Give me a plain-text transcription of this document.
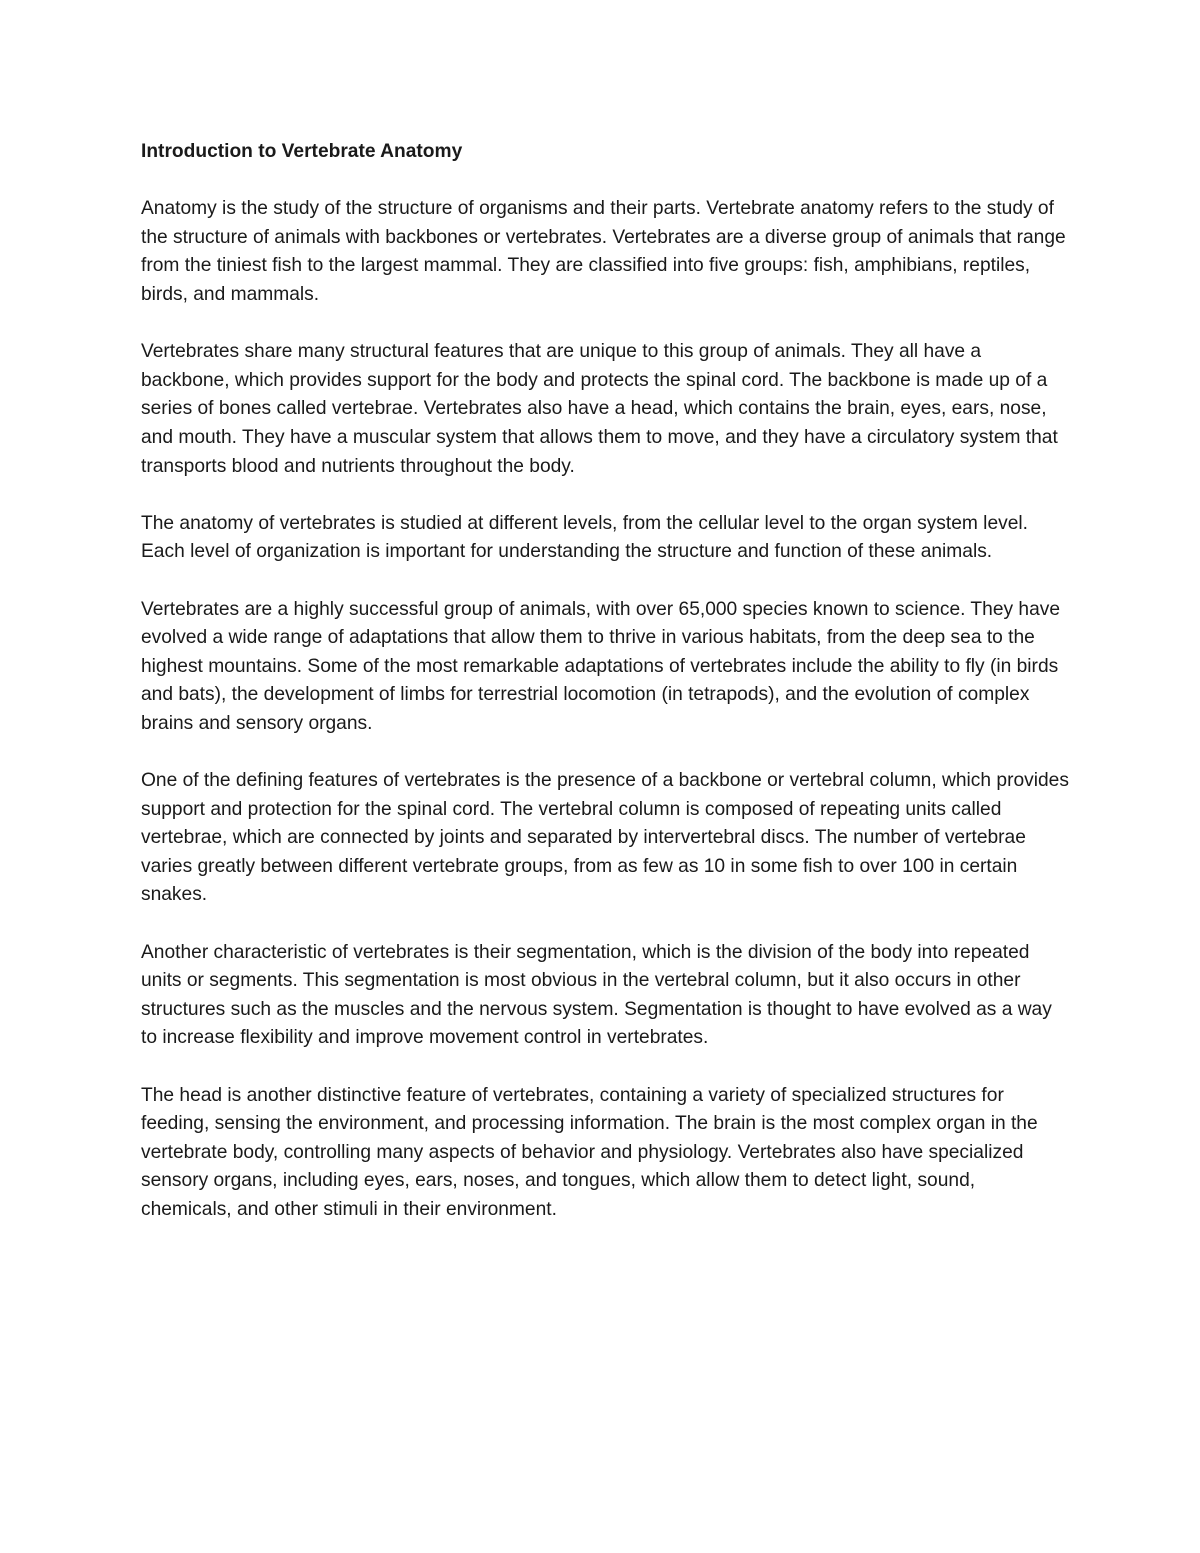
Introduction to Vertebrate Anatomy

Anatomy is the study of the structure of organisms and their parts. Vertebrate anatomy refers to the study of the structure of animals with backbones or vertebrates. Vertebrates are a diverse group of animals that range from the tiniest fish to the largest mammal. They are classified into five groups: fish, amphibians, reptiles, birds, and mammals.

Vertebrates share many structural features that are unique to this group of animals. They all have a backbone, which provides support for the body and protects the spinal cord. The backbone is made up of a series of bones called vertebrae. Vertebrates also have a head, which contains the brain, eyes, ears, nose, and mouth. They have a muscular system that allows them to move, and they have a circulatory system that transports blood and nutrients throughout the body.

The anatomy of vertebrates is studied at different levels, from the cellular level to the organ system level. Each level of organization is important for understanding the structure and function of these animals.

Vertebrates are a highly successful group of animals, with over 65,000 species known to science. They have evolved a wide range of adaptations that allow them to thrive in various habitats, from the deep sea to the highest mountains. Some of the most remarkable adaptations of vertebrates include the ability to fly (in birds and bats), the development of limbs for terrestrial locomotion (in tetrapods), and the evolution of complex brains and sensory organs.

One of the defining features of vertebrates is the presence of a backbone or vertebral column, which provides support and protection for the spinal cord. The vertebral column is composed of repeating units called vertebrae, which are connected by joints and separated by intervertebral discs. The number of vertebrae varies greatly between different vertebrate groups, from as few as 10 in some fish to over 100 in certain snakes.

Another characteristic of vertebrates is their segmentation, which is the division of the body into repeated units or segments. This segmentation is most obvious in the vertebral column, but it also occurs in other structures such as the muscles and the nervous system. Segmentation is thought to have evolved as a way to increase flexibility and improve movement control in vertebrates.

The head is another distinctive feature of vertebrates, containing a variety of specialized structures for feeding, sensing the environment, and processing information. The brain is the most complex organ in the vertebrate body, controlling many aspects of behavior and physiology. Vertebrates also have specialized sensory organs, including eyes, ears, noses, and tongues, which allow them to detect light, sound, chemicals, and other stimuli in their environment.
